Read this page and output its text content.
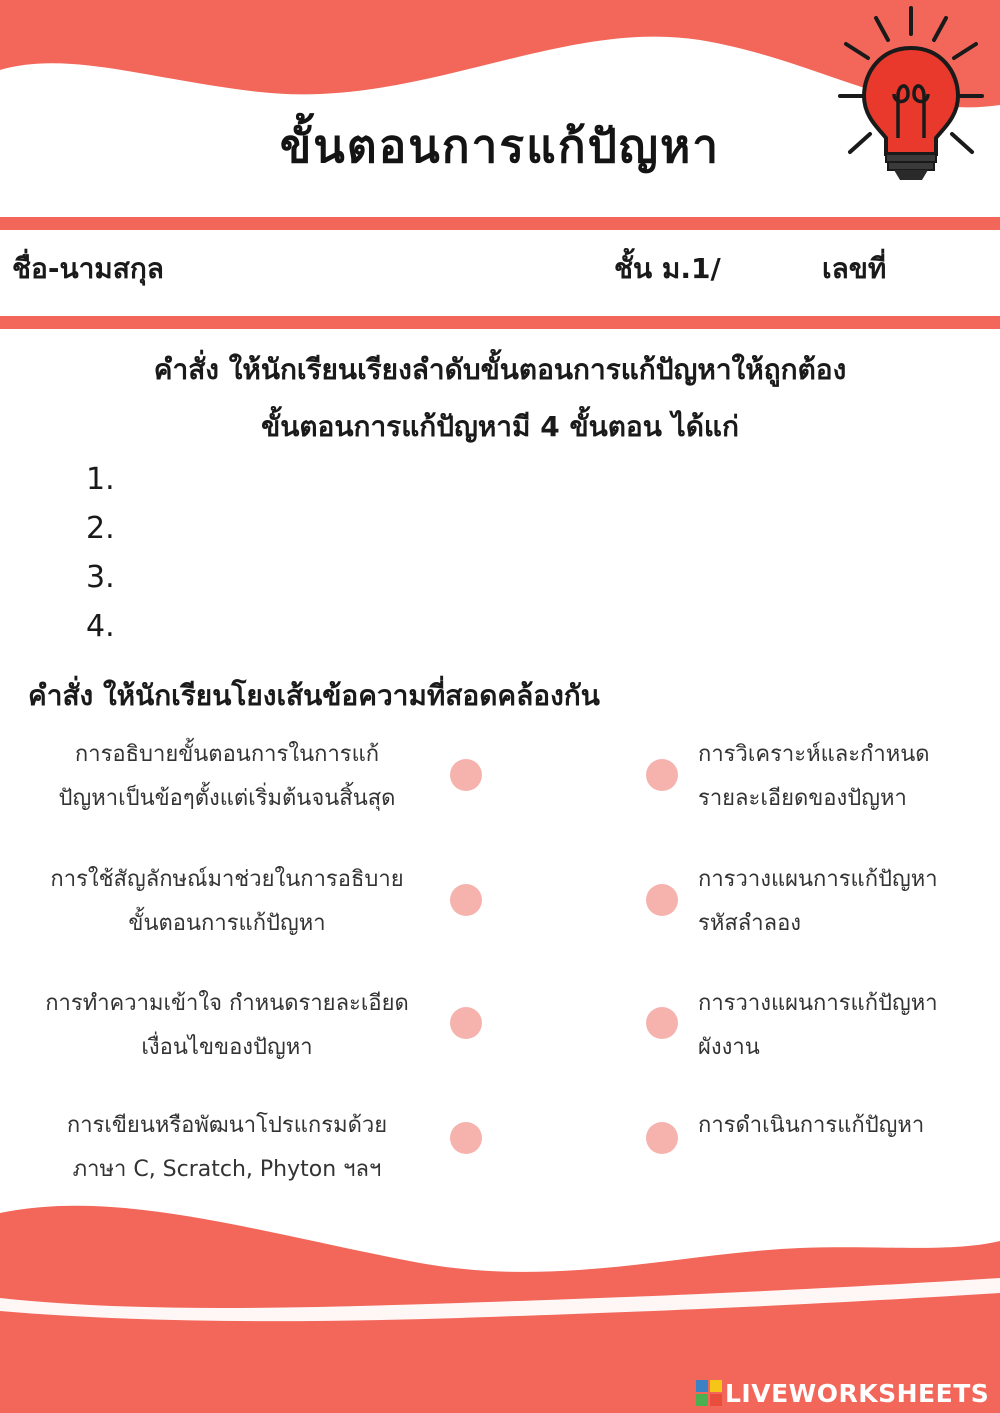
ขั้นตอนการแก้ปัญหา
ชื่อ-นามสกุล	ชั้น ม.1/	เลขที่

คำสั่ง ให้นักเรียนเรียงลำดับขั้นตอนการแก้ปัญหาให้ถูกต้อง

ขั้นตอนการแก้ปัญหามี 4 ขั้นตอน ได้แก่

1.
2.
3.
4.

คำสั่ง ให้นักเรียนโยงเส้นข้อความที่สอดคล้องกัน

การอธิบายขั้นตอนการในการแก้
ปัญหาเป็นข้อๆตั้งแต่เริ่มต้นจนสิ้นสุด
การวิเคราะห์และกำหนด
รายละเอียดของปัญหา
การใช้สัญลักษณ์มาช่วยในการอธิบาย
ขั้นตอนการแก้ปัญหา
การวางแผนการแก้ปัญหา
รหัสลำลอง
การทำความเข้าใจ กำหนดรายละเอียด
เงื่อนไขของปัญหา
การวางแผนการแก้ปัญหา
ผังงาน
การเขียนหรือพัฒนาโปรแกรมด้วย
ภาษา C, Scratch, Phyton ฯลฯ
การดำเนินการแก้ปัญหา
LIVEWORKSHEETS
